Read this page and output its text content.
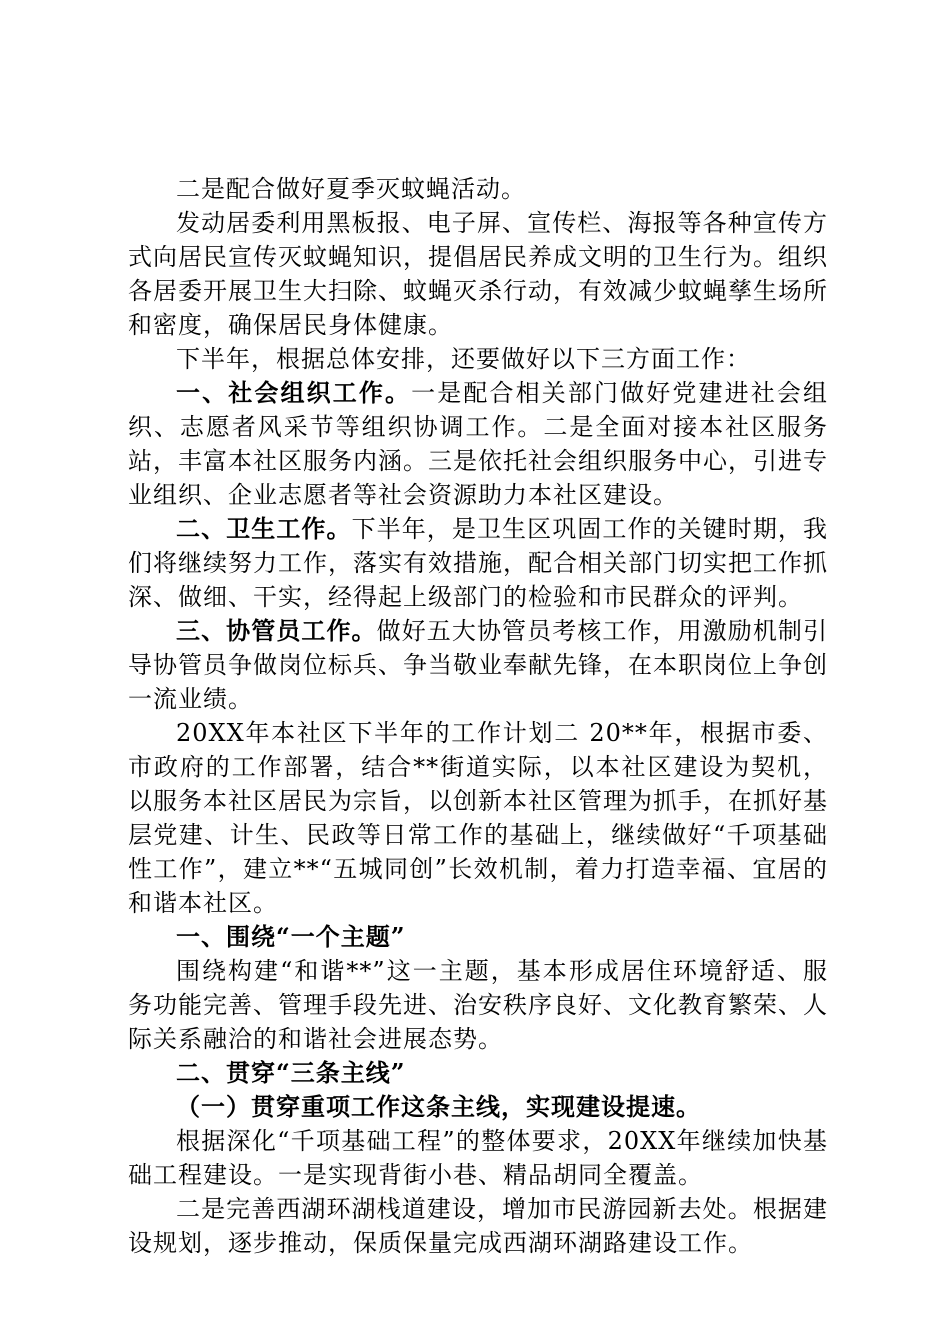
二是配合做好夏季灭蚊蝇活动。

发动居委利用黑板报、电子屏、宣传栏、海报等各种宣传方式向居民宣传灭蚊蝇知识，提倡居民养成文明的卫生行为。组织各居委开展卫生大扫除、蚊蝇灭杀行动，有效减少蚊蝇孳生场所和密度，确保居民身体健康。

下半年，根据总体安排，还要做好以下三方面工作：

一、社会组织工作。一是配合相关部门做好党建进社会组织、志愿者风采节等组织协调工作。二是全面对接本社区服务站，丰富本社区服务内涵。三是依托社会组织服务中心，引进专业组织、企业志愿者等社会资源助力本社区建设。

二、卫生工作。下半年，是卫生区巩固工作的关键时期，我们将继续努力工作，落实有效措施，配合相关部门切实把工作抓深、做细、干实，经得起上级部门的检验和市民群众的评判。

三、协管员工作。做好五大协管员考核工作，用激励机制引导协管员争做岗位标兵、争当敬业奉献先锋，在本职岗位上争创一流业绩。

20XX年本社区下半年的工作计划二 20**年，根据市委、市政府的工作部署，结合**街道实际，以本社区建设为契机，以服务本社区居民为宗旨，以创新本社区管理为抓手，在抓好基层党建、计生、民政等日常工作的基础上，继续做好“千项基础性工作”，建立**“五城同创”长效机制，着力打造幸福、宜居的和谐本社区。

一、围绕“一个主题”

围绕构建“和谐**”这一主题，基本形成居住环境舒适、服务功能完善、管理手段先进、治安秩序良好、文化教育繁荣、人际关系融洽的和谐社会进展态势。

二、贯穿“三条主线”

（一）贯穿重项工作这条主线，实现建设提速。

根据深化“千项基础工程”的整体要求，20XX年继续加快基础工程建设。一是实现背街小巷、精品胡同全覆盖。

二是完善西湖环湖栈道建设，增加市民游园新去处。根据建设规划，逐步推动，保质保量完成西湖环湖路建设工作。
